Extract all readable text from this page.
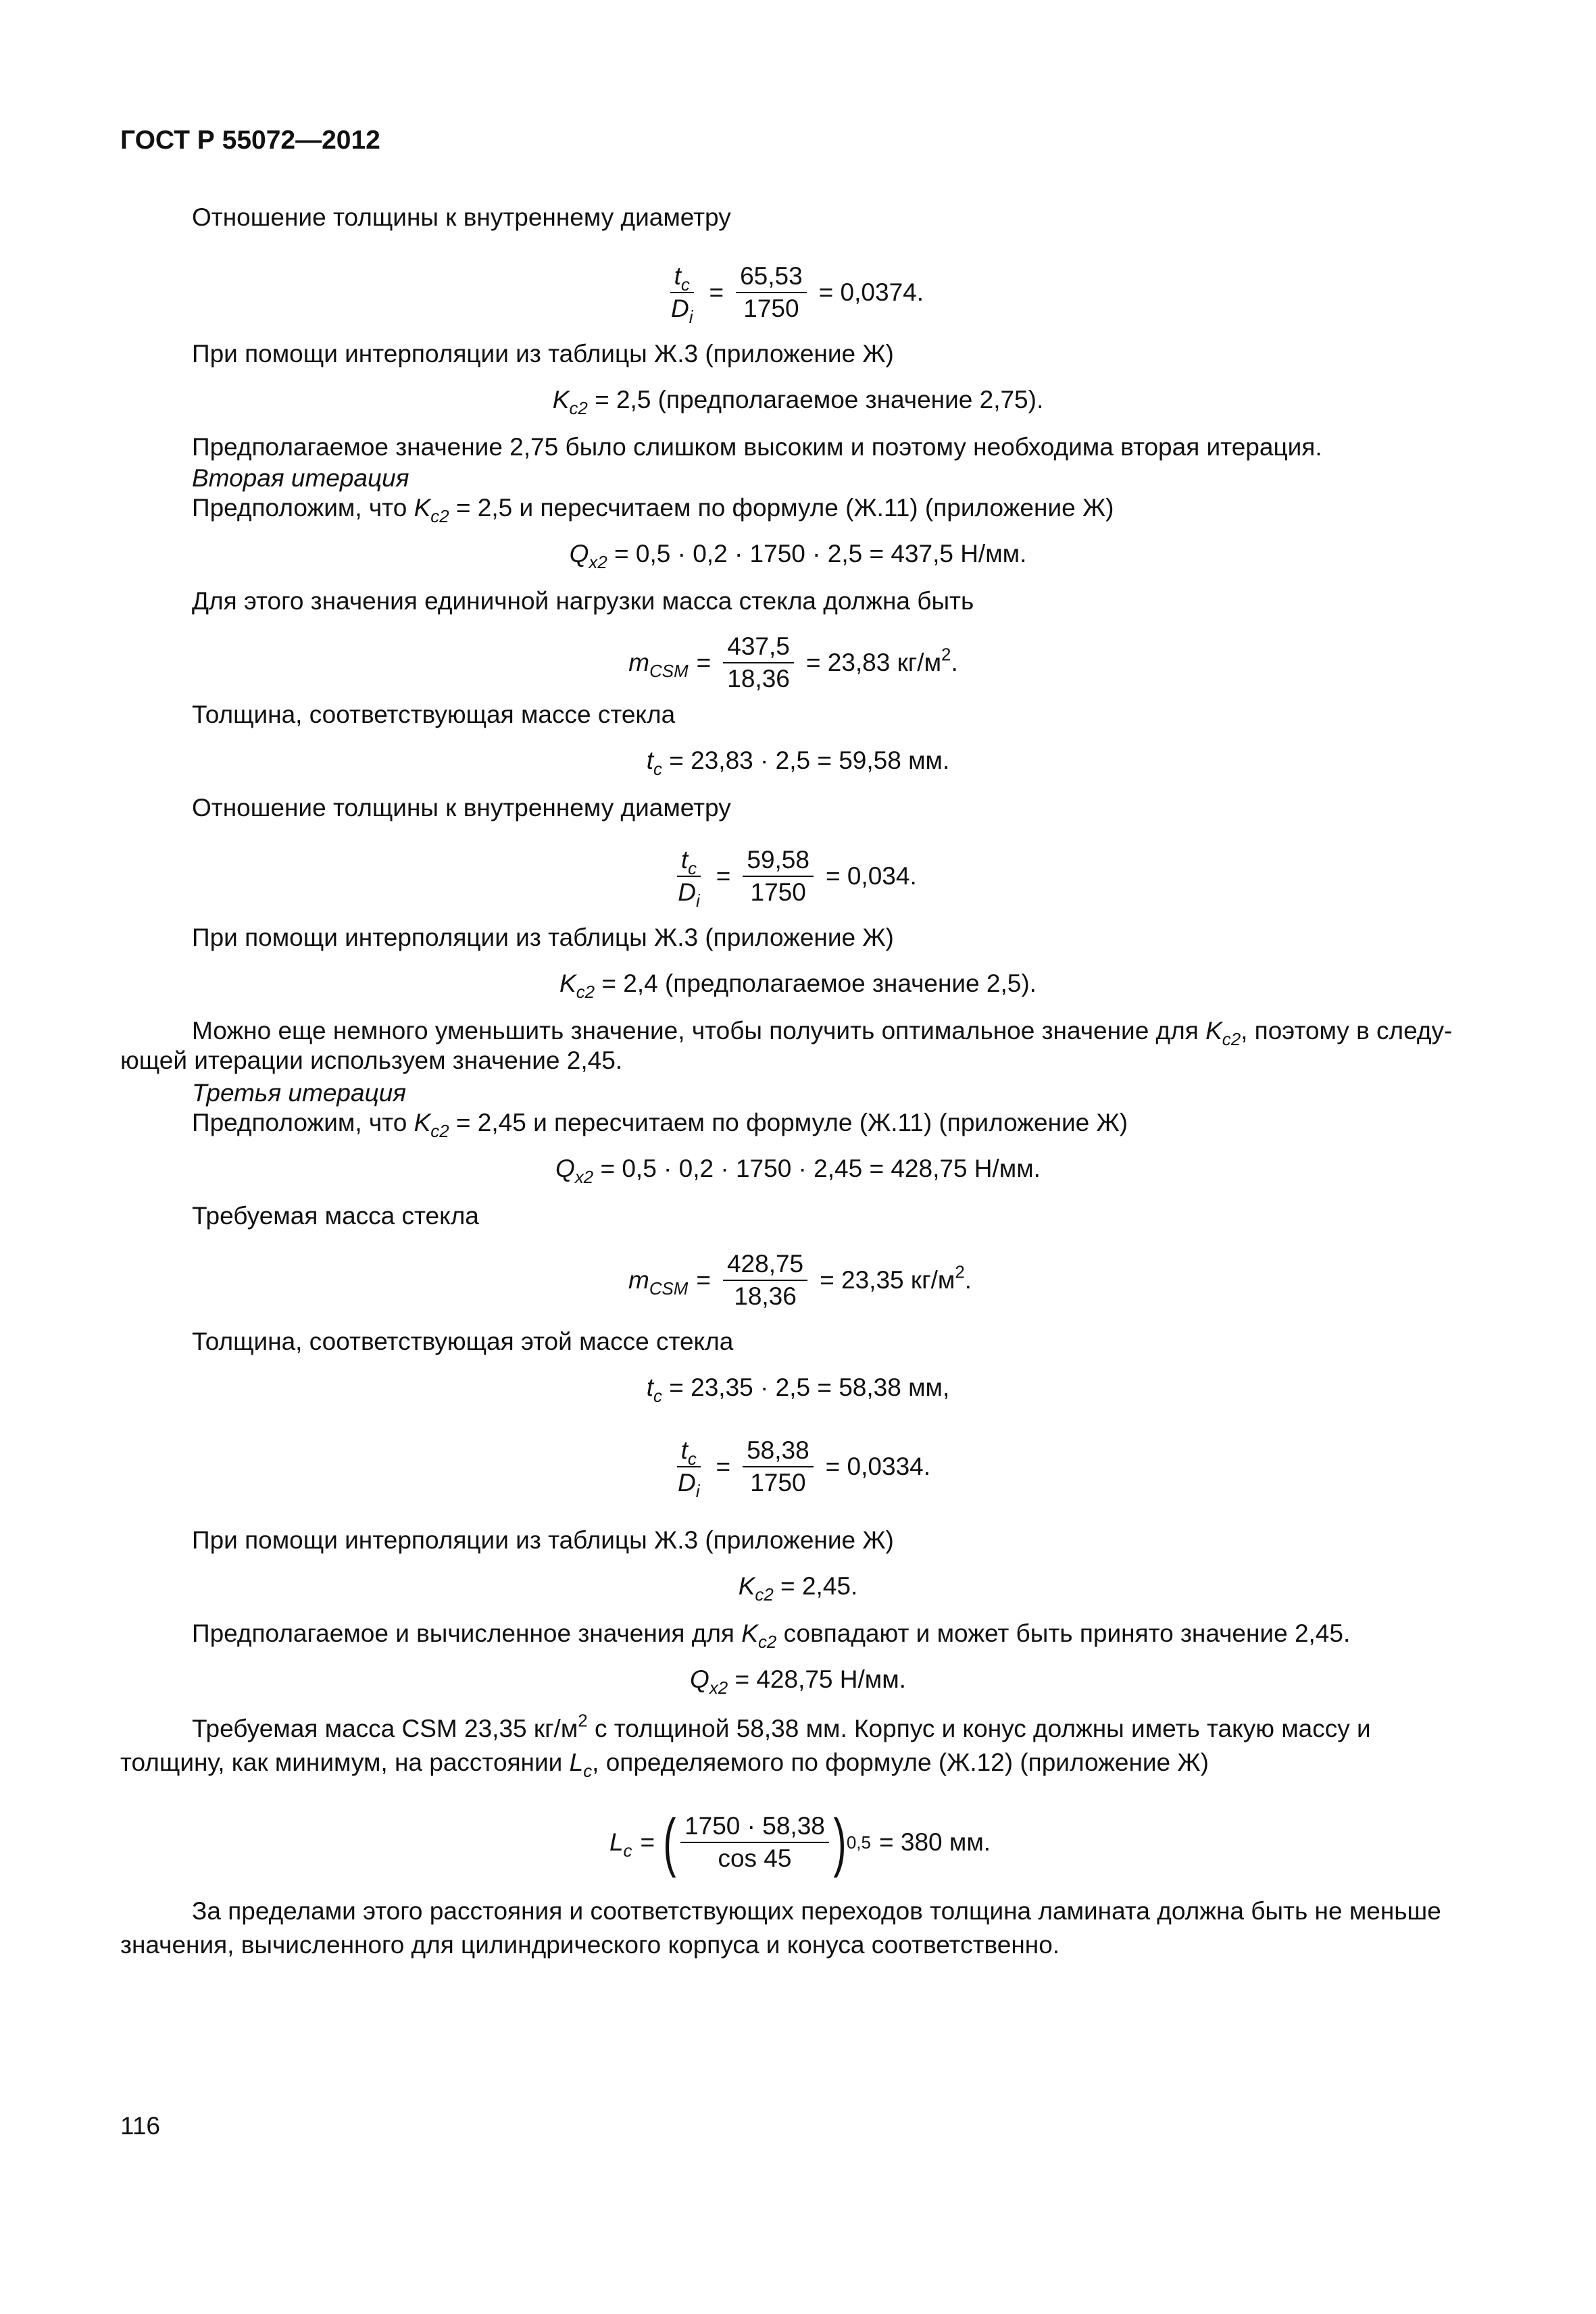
ГОСТ Р 55072—2012
Отношение толщины к внутреннему диаметру
$\frac{t_c}{D_i} = \frac{65,53}{1750} = 0,0374$.
При помощи интерполяции из таблицы Ж.3 (приложение Ж)
$K_{c2} = 2,5$ (предполагаемое значение 2,75).
Предполагаемое значение 2,75 было слишком высоким и поэтому необходима вторая итерация.
Вторая итерация
Предположим, что $K_{c2} = 2,5$ и пересчитаем по формуле (Ж.11) (приложение Ж)
$Q_{x2} = 0,5 \cdot 0,2 \cdot 1750 \cdot 2,5 = 437,5$ Н/мм.
Для этого значения единичной нагрузки масса стекла должна быть
$m_{CSM} = \frac{437,5}{18,36} = 23,83$ $кг/м^2$.
Толщина, соответствующая массе стекла
$t_c = 23,83 \cdot 2,5 = 59,58$ мм.
Отношение толщины к внутреннему диаметру
$\frac{t_c}{D_i} = \frac{59,58}{1750} = 0,034$.
При помощи интерполяции из таблицы Ж.3 (приложение Ж)
$K_{c2} = 2,4$ (предполагаемое значение 2,5).
Можно еще немного уменьшить значение, чтобы получить оптимальное значение для $K_{c2}$, поэтому в следу-ющей итерации используем значение 2,45.
Третья итерация
Предположим, что $K_{c2} = 2,45$ и пересчитаем по формуле (Ж.11) (приложение Ж)
$Q_{x2} = 0,5 \cdot 0,2 \cdot 1750 \cdot 2,45 = 428,75$ Н/мм.
Требуемая масса стекла
$m_{CSM} = \frac{428,75}{18,36} = 23,35$ $кг/м^2$.
Толщина, соответствующая этой массе стекла
$t_c = 23,35 \cdot 2,5 = 58,38$ мм,
$\frac{t_c}{D_i} = \frac{58,38}{1750} = 0,0334$.
При помощи интерполяции из таблицы Ж.3 (приложение Ж)
$K_{c2} = 2,45$.
Предполагаемое и вычисленное значения для $K_{c2}$ совпадают и может быть принято значение 2,45.
$Q_{x2} = 428,75$ Н/мм.
Требуемая масса CSM 23,35 $кг/м^2$ с толщиной 58,38 мм. Корпус и конус должны иметь такую массу и толщину, как минимум, на расстоянии $L_c$, определяемого по формуле (Ж.12) (приложение Ж)
$L_c$ = ( $\frac{1750 \cdot 58,38}{\cos 45}$ ) 0,5 = 380 мм.
За пределами этого расстояния и соответствующих переходов толщина ламината должна быть не меньше значения, вычисленного для цилиндрического корпуса и конуса соответственно.
116
